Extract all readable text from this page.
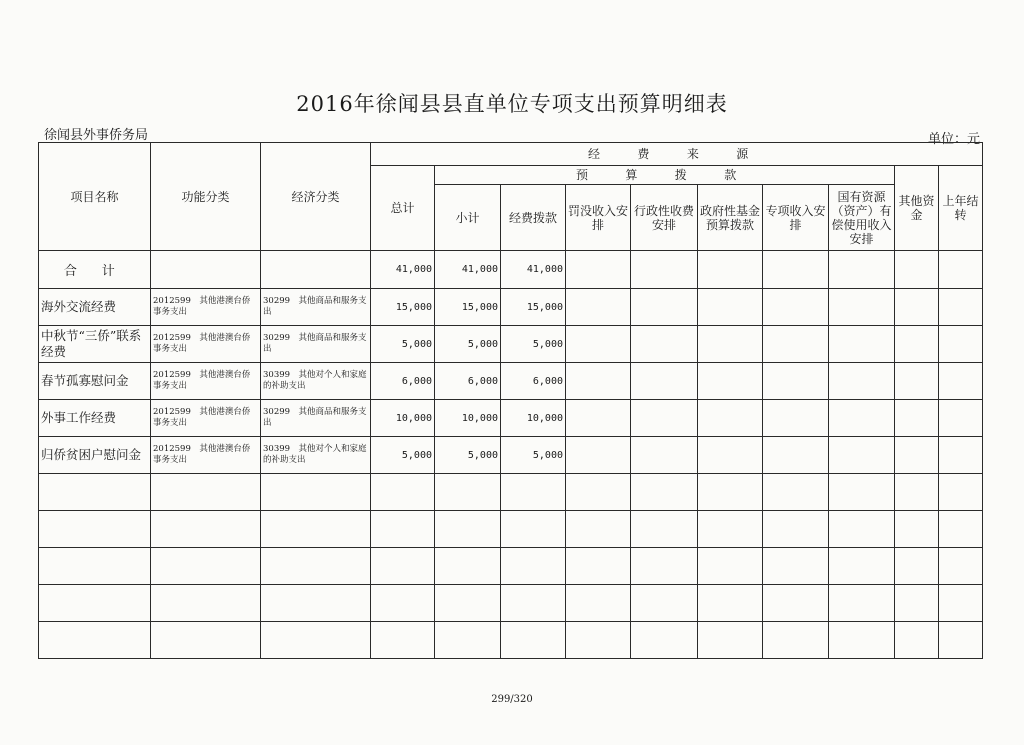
2016年徐闻县县直单位专项支出预算明细表
徐闻县外事侨务局	单位：元
项目名称	功能分类	经济分类	经 费 来 源									
			总计	预 算 拨 款							其他资金	上年结转
				小计	经费拨款	罚没收入安排	行政性收费安排	政府性基金预算拨款	专项收入安排	国有资源（资产）有偿使用收入安排		
合 计			41,000	41,000	41,000							
海外交流经费	2012599　其他港澳台侨事务支出	30299　其他商品和服务支出	15,000	15,000	15,000							
中秋节“三侨”联系经费	2012599　其他港澳台侨事务支出	30299　其他商品和服务支出	5,000	5,000	5,000							
春节孤寡慰问金	2012599　其他港澳台侨事务支出	30399　其他对个人和家庭的补助支出	6,000	6,000	6,000							
外事工作经费	2012599　其他港澳台侨事务支出	30299　其他商品和服务支出	10,000	10,000	10,000							
归侨贫困户慰问金	2012599　其他港澳台侨事务支出	30399　其他对个人和家庭的补助支出	5,000	5,000	5,000							

299/320
